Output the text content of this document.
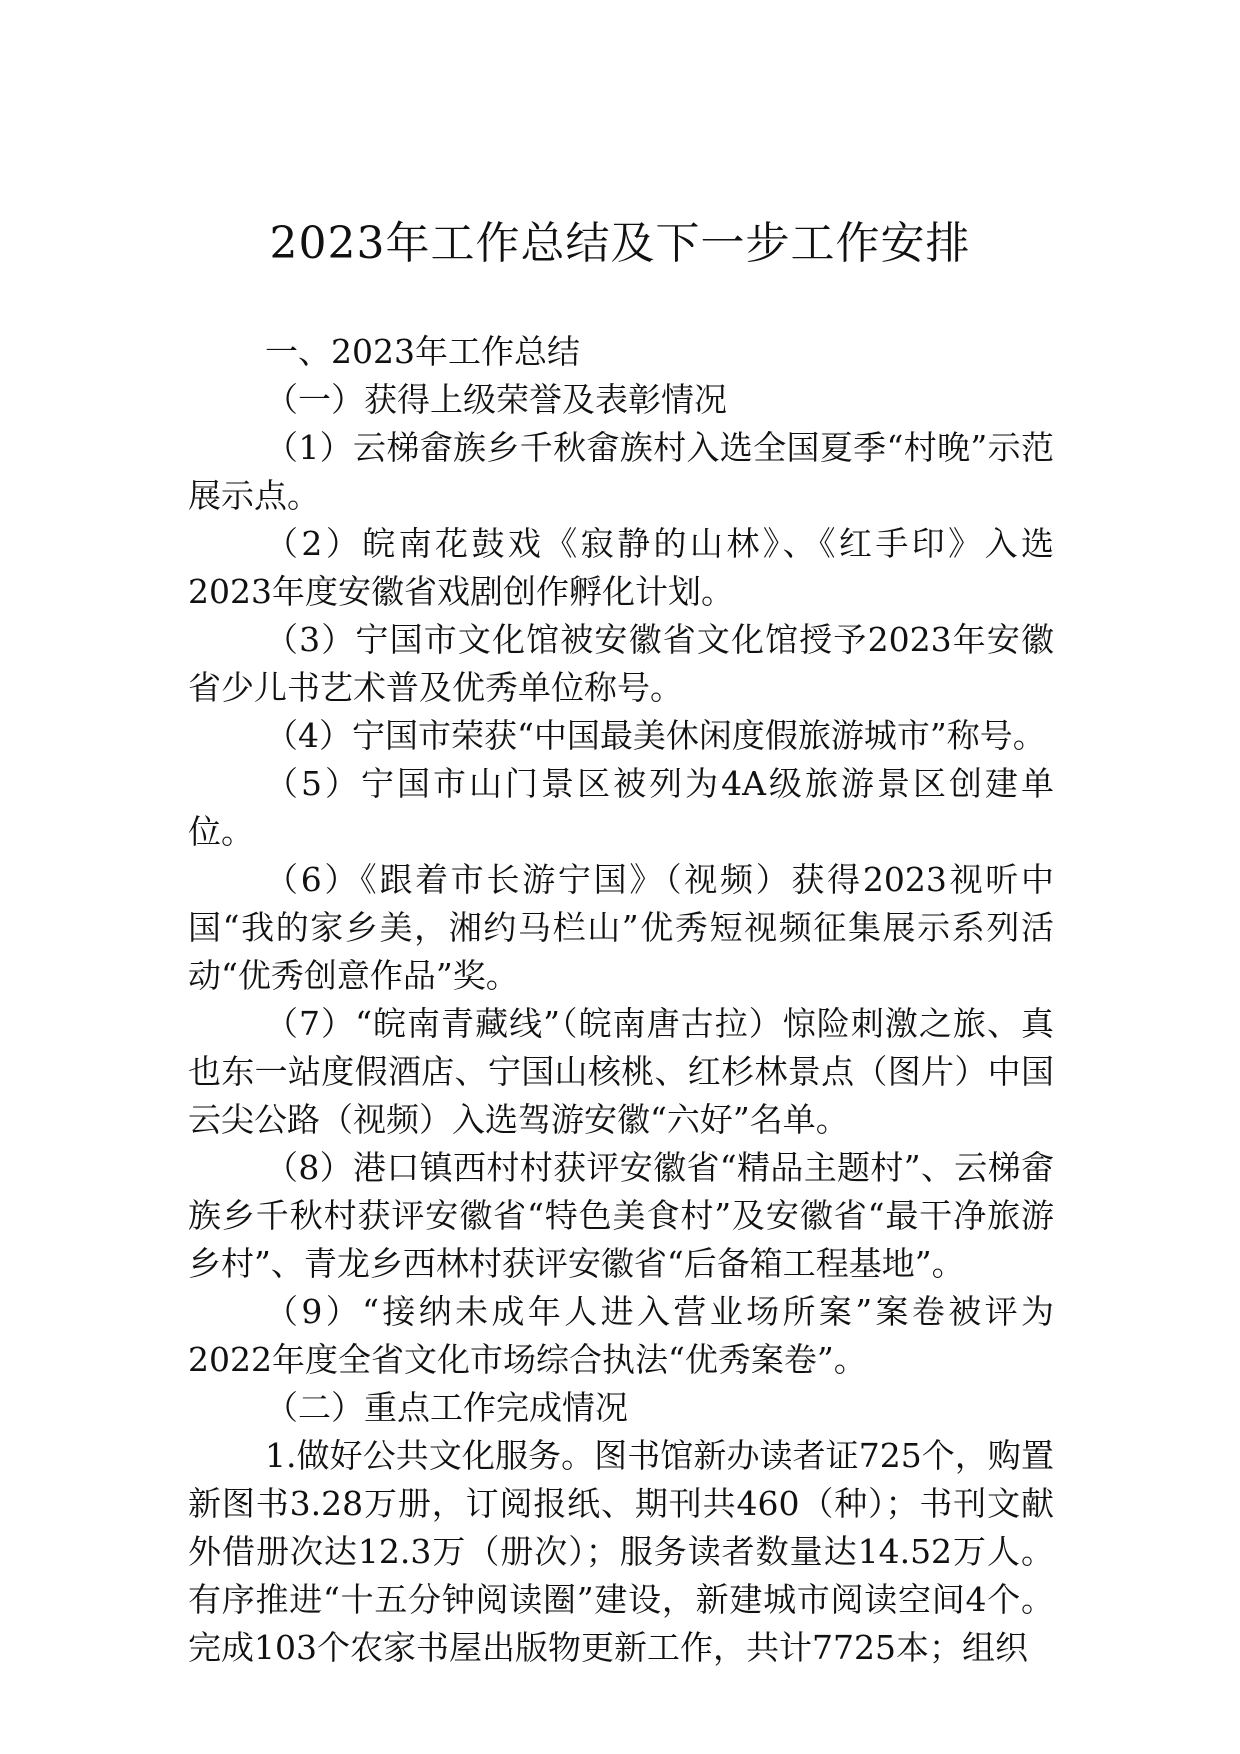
2023年工作总结及下一步工作安排

一、2023年工作总结

（一）获得上级荣誉及表彰情况

（1）云梯畲族乡千秋畲族村入选全国夏季“村晚”示范展示点。

（2）皖南花鼓戏《寂静的山林》、《红手印》入选2023年度安徽省戏剧创作孵化计划。

（3）宁国市文化馆被安徽省文化馆授予2023年安徽省少儿书艺术普及优秀单位称号。

（4）宁国市荣获“中国最美休闲度假旅游城市”称号。

（5）宁国市山门景区被列为4A级旅游景区创建单位。

（6）《跟着市长游宁国》（视频）获得2023视听中国“我的家乡美，湘约马栏山”优秀短视频征集展示系列活动“优秀创意作品”奖。

（7）“皖南青藏线”（皖南唐古拉）惊险刺激之旅、真也东一站度假酒店、宁国山核桃、红杉林景点（图片）中国云尖公路（视频）入选驾游安徽“六好”名单。

（8）港口镇西村村获评安徽省“精品主题村”、云梯畲族乡千秋村获评安徽省“特色美食村”及安徽省“最干净旅游乡村”、青龙乡西林村获评安徽省“后备箱工程基地”。

（9）“接纳未成年人进入营业场所案”案卷被评为2022年度全省文化市场综合执法“优秀案卷”。

（二）重点工作完成情况

1.做好公共文化服务。图书馆新办读者证725个，购置新图书3.28万册，订阅报纸、期刊共460（种）；书刊文献外借册次达12.3万（册次）；服务读者数量达14.52万人。有序推进“十五分钟阅读圈”建设，新建城市阅读空间4个。完成103个农家书屋出版物更新工作，共计7725本；组织
